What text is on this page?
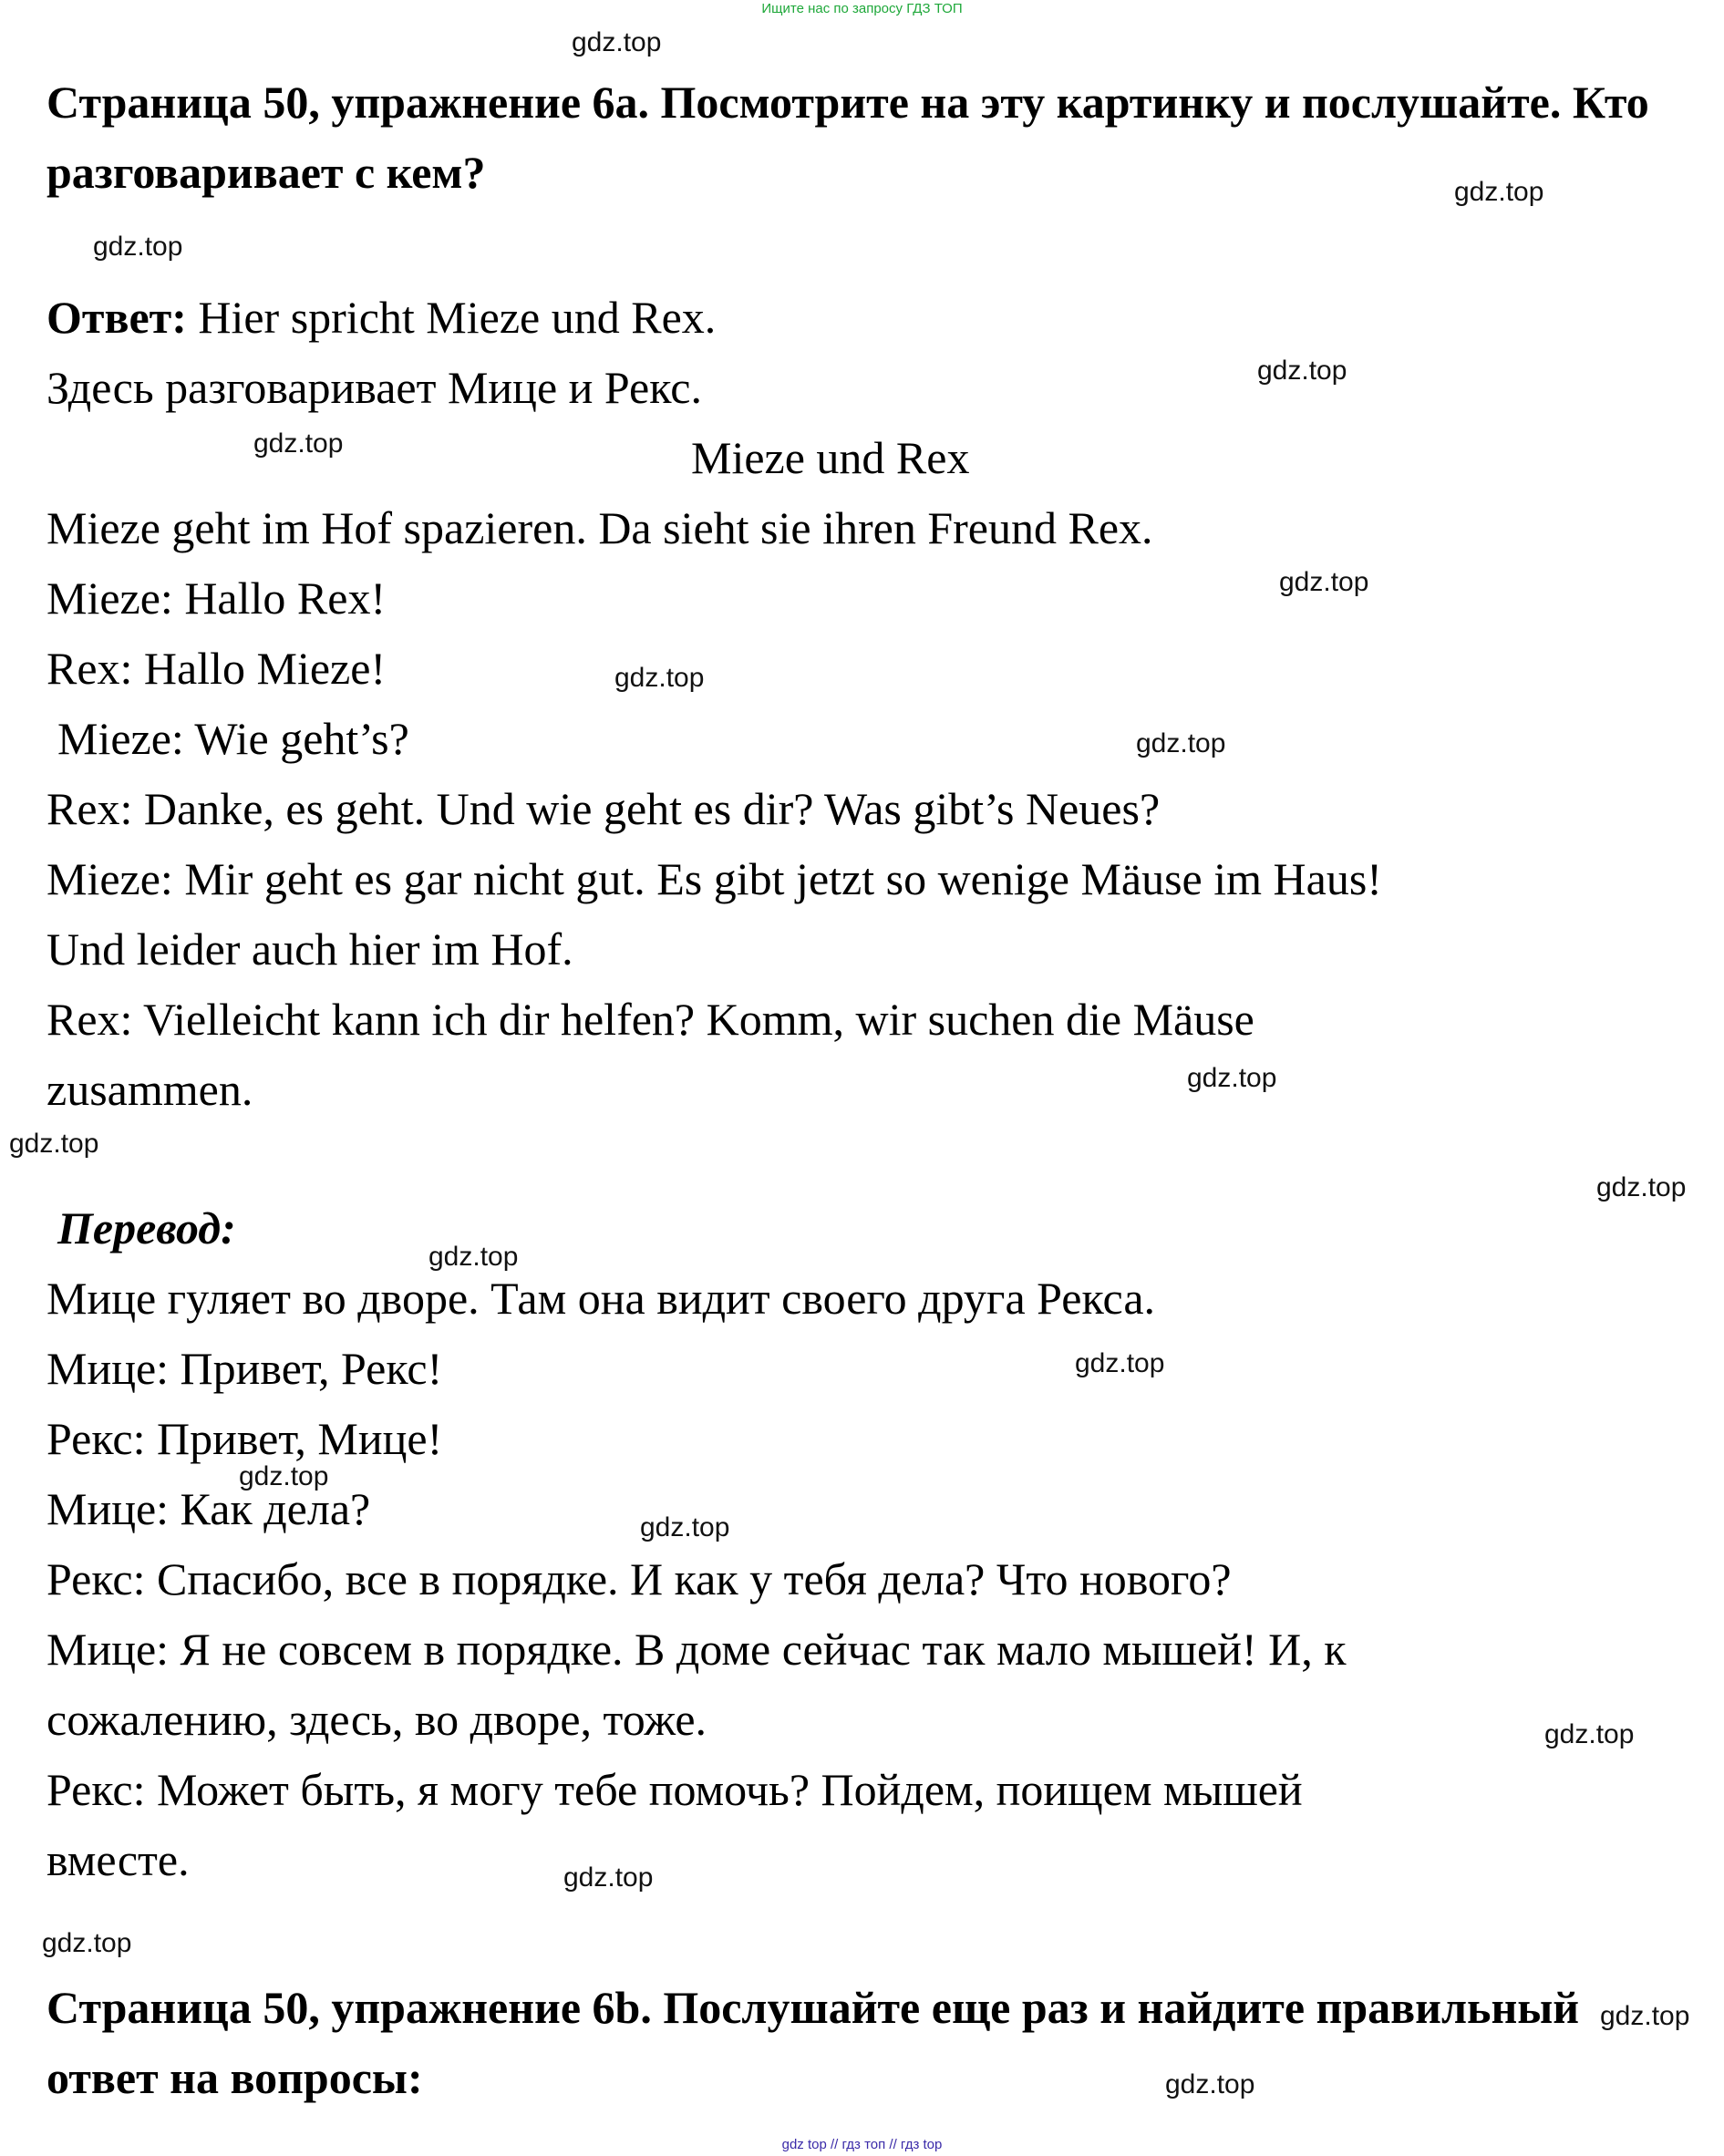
Ищите нас по запросу ГДЗ ТОП
Страница 50, упражнение 6a. Посмотрите на эту картинку и послушайте. Кто разговаривает с кем?
Ответ: Hier spricht Mieze und Rex.
Здесь разговаривает Мице и Рекс.
Mieze und Rex
Mieze geht im Hof spazieren. Da sieht sie ihren Freund Rex.
Mieze: Hallo Rex!
Rex: Hallo Mieze!
Mieze: Wie geht’s?
Rex: Danke, es geht. Und wie geht es dir? Was gibt’s Neues?
Mieze: Mir geht es gar nicht gut. Es gibt jetzt so wenige Mäuse im Haus!
Und leider auch hier im Hof.
Rex: Vielleicht kann ich dir helfen? Komm, wir suchen die Mäuse
zusammen.
Перевод:
Мице гуляет во дворе. Там она видит своего друга Рекса.
Мице: Привет, Рекс!
Рекс: Привет, Мице!
Мице: Как дела?
Рекс: Спасибо, все в порядке. И как у тебя дела? Что нового?
Мице: Я не совсем в порядке. В доме сейчас так мало мышей! И, к
сожалению, здесь, во дворе, тоже.
Рекс: Может быть, я могу тебе помочь? Пойдем, поищем мышей
вместе.
Страница 50, упражнение 6b. Послушайте еще раз и найдите правильный ответ на вопросы:
gdz.top
gdz.top
gdz.top
gdz.top
gdz.top
gdz.top
gdz.top
gdz.top
gdz.top
gdz.top
gdz.top
gdz.top
gdz.top
gdz.top
gdz.top
gdz.top
gdz.top
gdz.top
gdz.top
gdz.top
gdz top // гдз топ // гдз top
